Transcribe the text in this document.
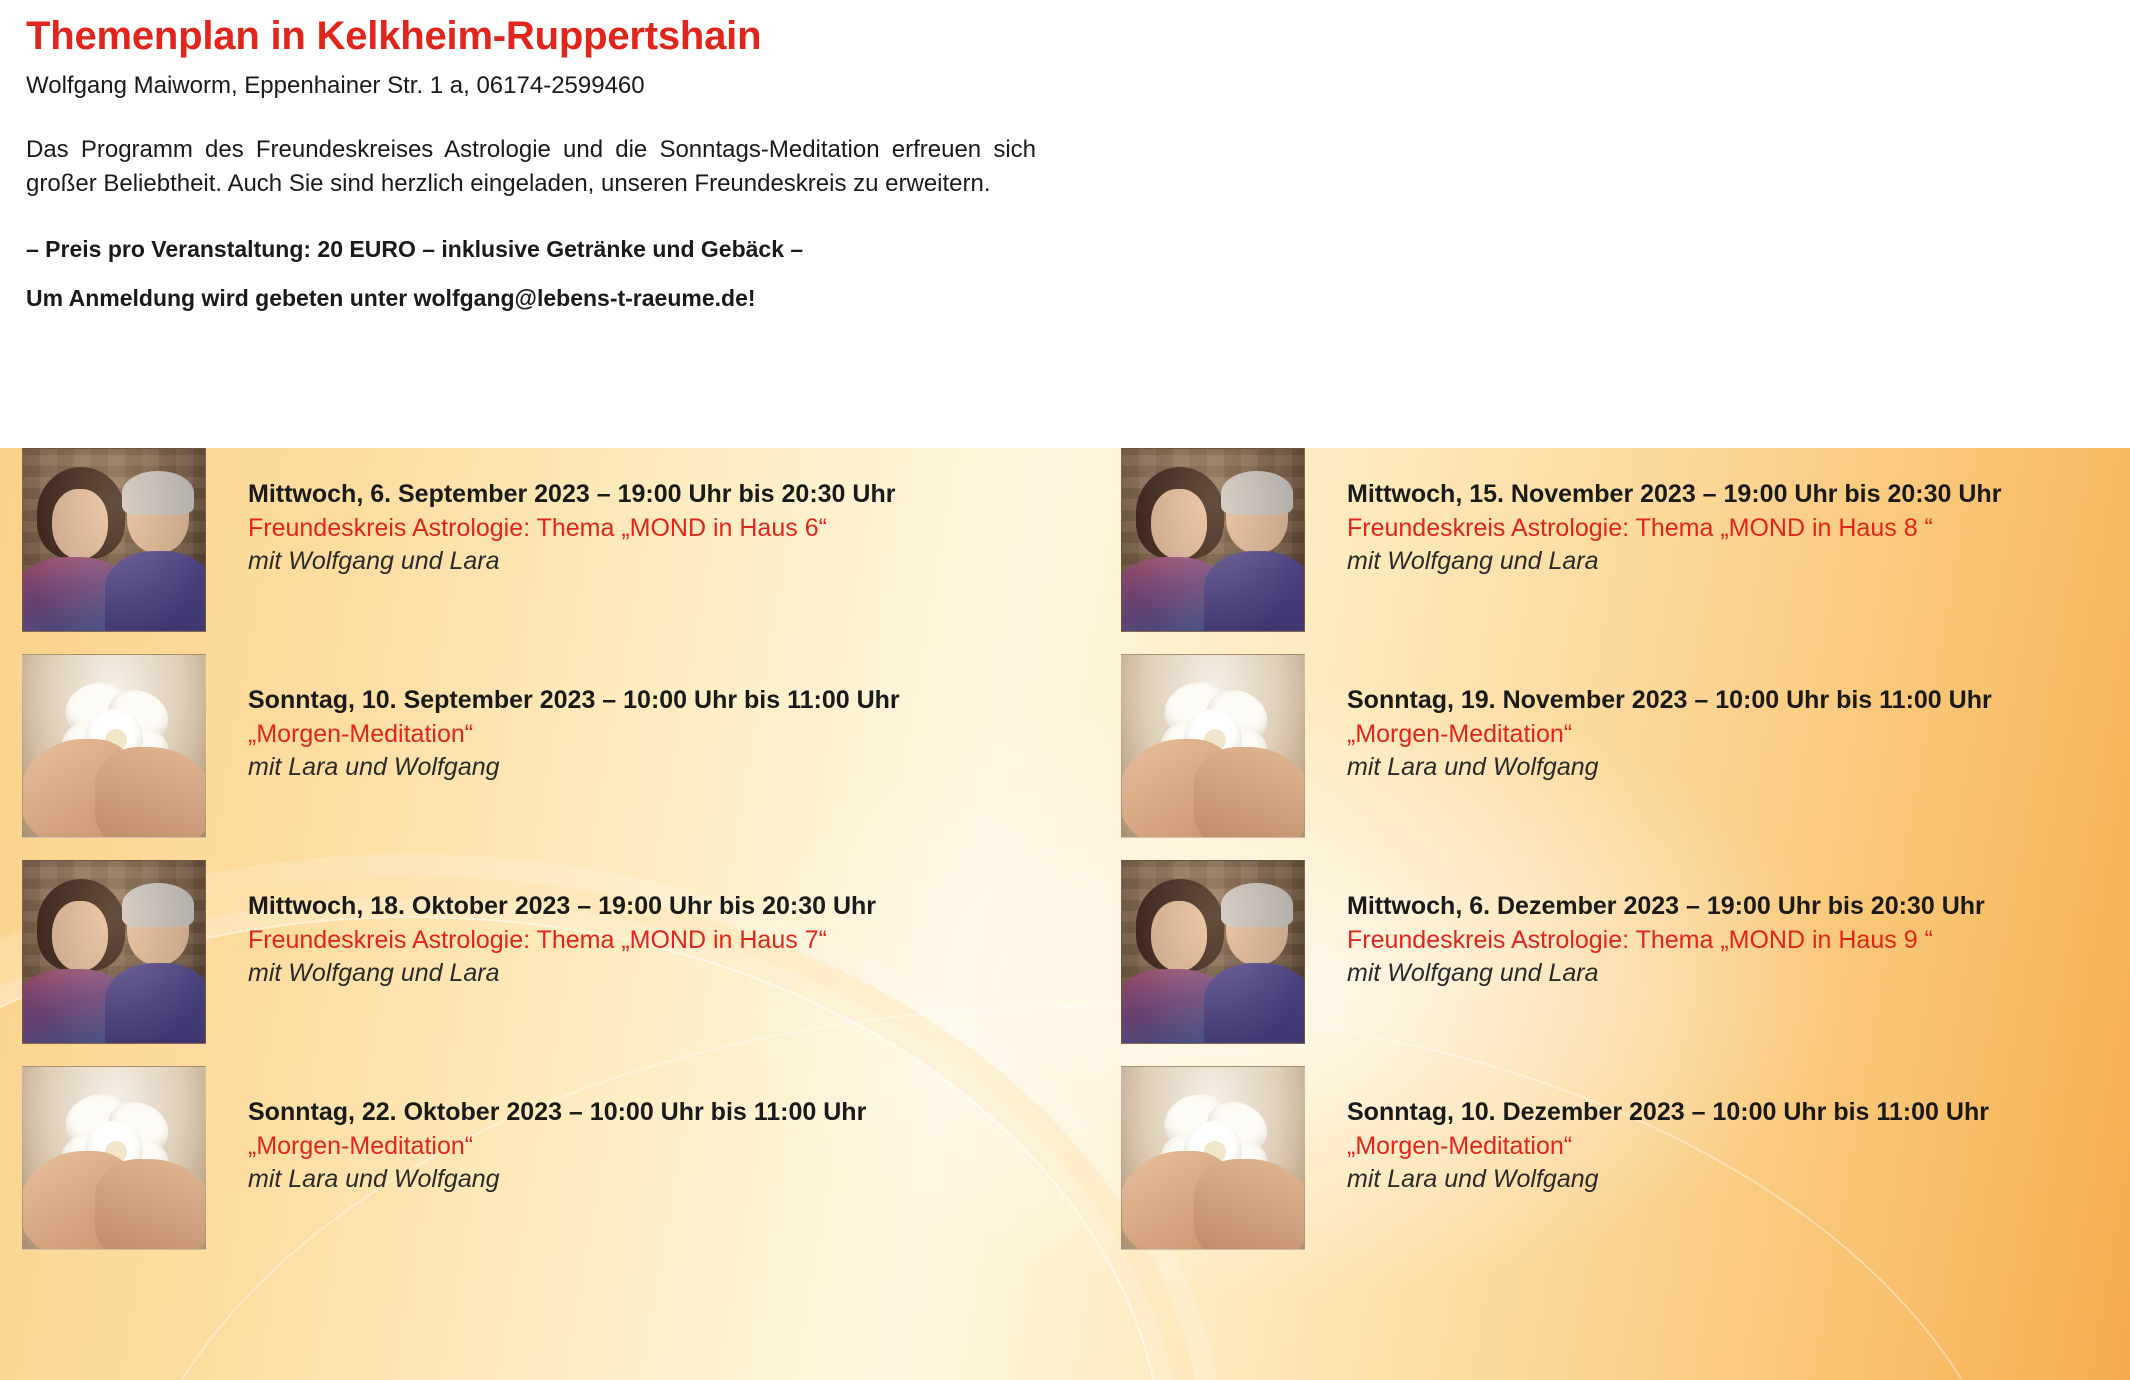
Themenplan in Kelkheim-Ruppertshain
Wolfgang Maiworm, Eppenhainer Str. 1 a, 06174-2599460

Das Programm des Freundeskreises Astrologie und die Sonntags-Meditation erfreuen sich großer Beliebtheit. Auch Sie sind herzlich eingeladen, unseren Freundeskreis zu erweitern.

– Preis pro Veranstaltung: 20 EURO – inklusive Getränke und Gebäck –
Um Anmeldung wird gebeten unter wolfgang@lebens-t-raeume.de!
Mittwoch, 6. September 2023 – 19:00 Uhr bis 20:30 Uhr
Freundeskreis Astrologie: Thema „MOND in Haus 6“
mit Wolfgang und Lara
Mittwoch, 15. November 2023 – 19:00 Uhr bis 20:30 Uhr
Freundeskreis Astrologie: Thema „MOND in Haus 8 “
mit Wolfgang und Lara
Sonntag, 10. September 2023 – 10:00 Uhr bis 11:00 Uhr
„Morgen-Meditation“
mit Lara und Wolfgang
Sonntag, 19. November 2023 – 10:00 Uhr bis 11:00 Uhr
„Morgen-Meditation“
mit Lara und Wolfgang
Mittwoch, 18. Oktober 2023 – 19:00 Uhr bis 20:30 Uhr
Freundeskreis Astrologie: Thema „MOND in Haus 7“
mit Wolfgang und Lara
Mittwoch, 6. Dezember 2023 – 19:00 Uhr bis 20:30 Uhr
Freundeskreis Astrologie: Thema „MOND in Haus 9 “
mit Wolfgang und Lara
Sonntag, 22. Oktober 2023 – 10:00 Uhr bis 11:00 Uhr
„Morgen-Meditation“
mit Lara und Wolfgang
Sonntag, 10. Dezember 2023 – 10:00 Uhr bis 11:00 Uhr
„Morgen-Meditation“
mit Lara und Wolfgang
